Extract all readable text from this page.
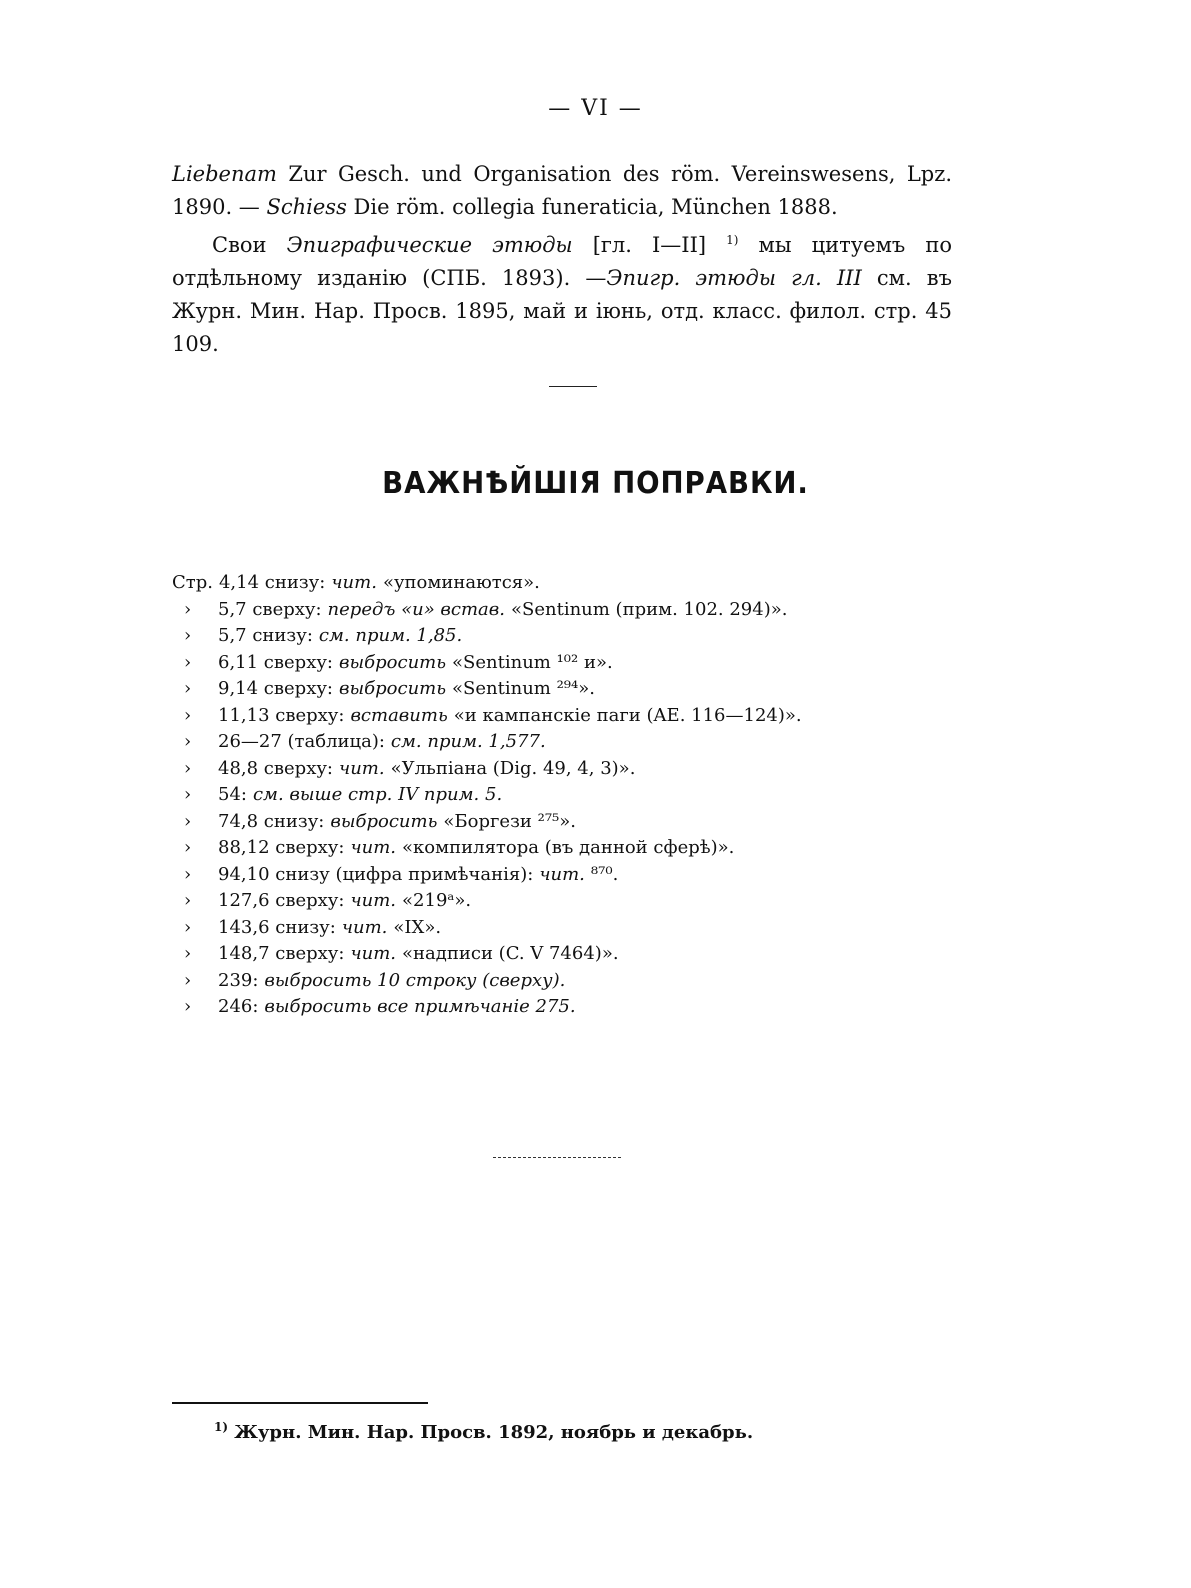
— VI —

Liebenam Zur Gesch. und Organisation des röm. Vereinswesens, Lpz. 1890. — Schiess Die röm. collegia funeraticia, München 1888.

Свои Эпиграфические этюды [гл. I—II] $^{1)}$ мы цитуемъ по отдѣльному изданію (СПБ. 1893). —Эпигр. этюды гл. III см. въ Журн. Мин. Нар. Просв. 1895, май и іюнь, отд. класс. филол. стр. 45 109.

ВАЖНѢЙШІЯ ПОПРАВКИ.
Стр. 4,14 снизу: чит. «упоминаются».
›	5,7 сверху: передъ «и» встав. «Sentinum (прим. 102. 294)».
›	5,7 снизу: см. прим. 1,85.
›	6,11 сверху: выбросить «Sentinum ¹⁰² и».
›	9,14 сверху: выбросить «Sentinum ²⁹⁴».
›	11,13 сверху: вставить «и кампанскіе паги (AE. 116—124)».
›	26—27 (таблица): см. прим. 1,577.
›	48,8 сверху: чит. «Ульпіана (Dig. 49, 4, 3)».
›	54: см. выше стр. IV прим. 5.
›	74,8 снизу: выбросить «Боргези ²⁷⁵».
›	88,12 сверху: чит. «компилятора (въ данной сферѣ)».
›	94,10 снизу (цифра примѣчанія): чит. ⁸⁷⁰.
›	127,6 сверху: чит. «219ᵃ».
›	143,6 снизу: чит. «IX».
›	148,7 сверху: чит. «надписи (C. V 7464)».
›	239: выбросить 10 строку (сверху).
›	246: выбросить все примѣчаніе 275.
$^{1)}$ Журн. Мин. Нар. Просв. 1892, ноябрь и декабрь.
